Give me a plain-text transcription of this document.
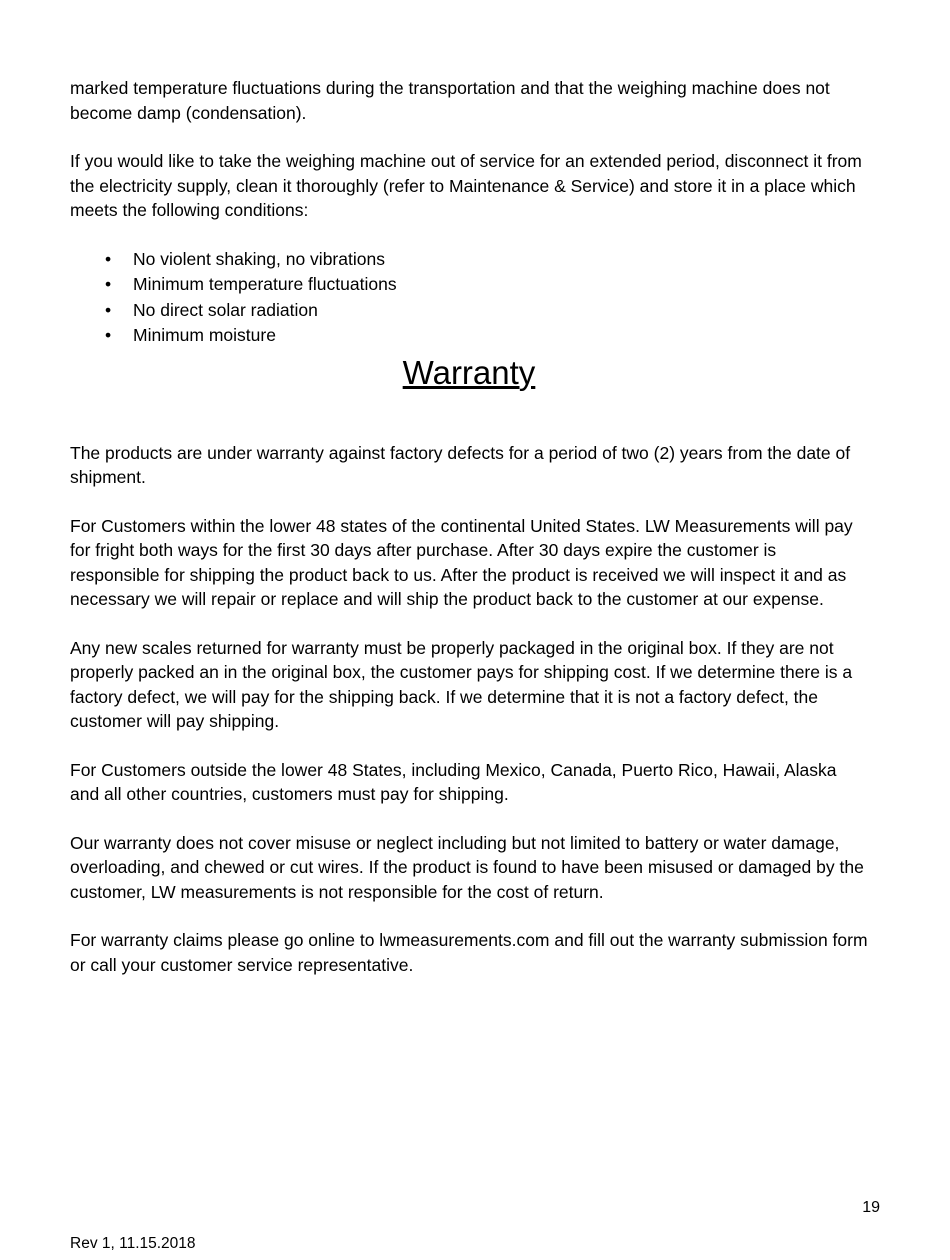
marked temperature fluctuations during the transportation and that the weighing machine does not become damp (condensation).

If you would like to take the weighing machine out of service for an extended period, disconnect it from the electricity supply, clean it thoroughly (refer to Maintenance & Service) and store it in a place which meets the following conditions:

• No violent shaking, no vibrations
• Minimum temperature fluctuations
• No direct solar radiation
• Minimum moisture
Warranty

The products are under warranty against factory defects for a period of two (2) years from the date of shipment.

For Customers within the lower 48 states of the continental United States. LW Measurements will pay for fright both ways for the first 30 days after purchase. After 30 days expire the customer is responsible for shipping the product back to us. After the product is received we will inspect it and as necessary we will repair or replace and will ship the product back to the customer at our expense.

Any new scales returned for warranty must be properly packaged in the original box. If they are not properly packed an in the original box, the customer pays for shipping cost. If we determine there is a factory defect, we will pay for the shipping back. If we determine that it is not a factory defect, the customer will pay shipping.

For Customers outside the lower 48 States, including Mexico, Canada, Puerto Rico, Hawaii, Alaska and all other countries, customers must pay for shipping.

Our warranty does not cover misuse or neglect including but not limited to battery or water damage, overloading, and chewed or cut wires. If the product is found to have been misused or damaged by the customer, LW measurements is not responsible for the cost of return.

For warranty claims please go online to lwmeasurements.com and fill out the warranty submission form or call your customer service representative.

19
Rev 1, 11.15.2018
